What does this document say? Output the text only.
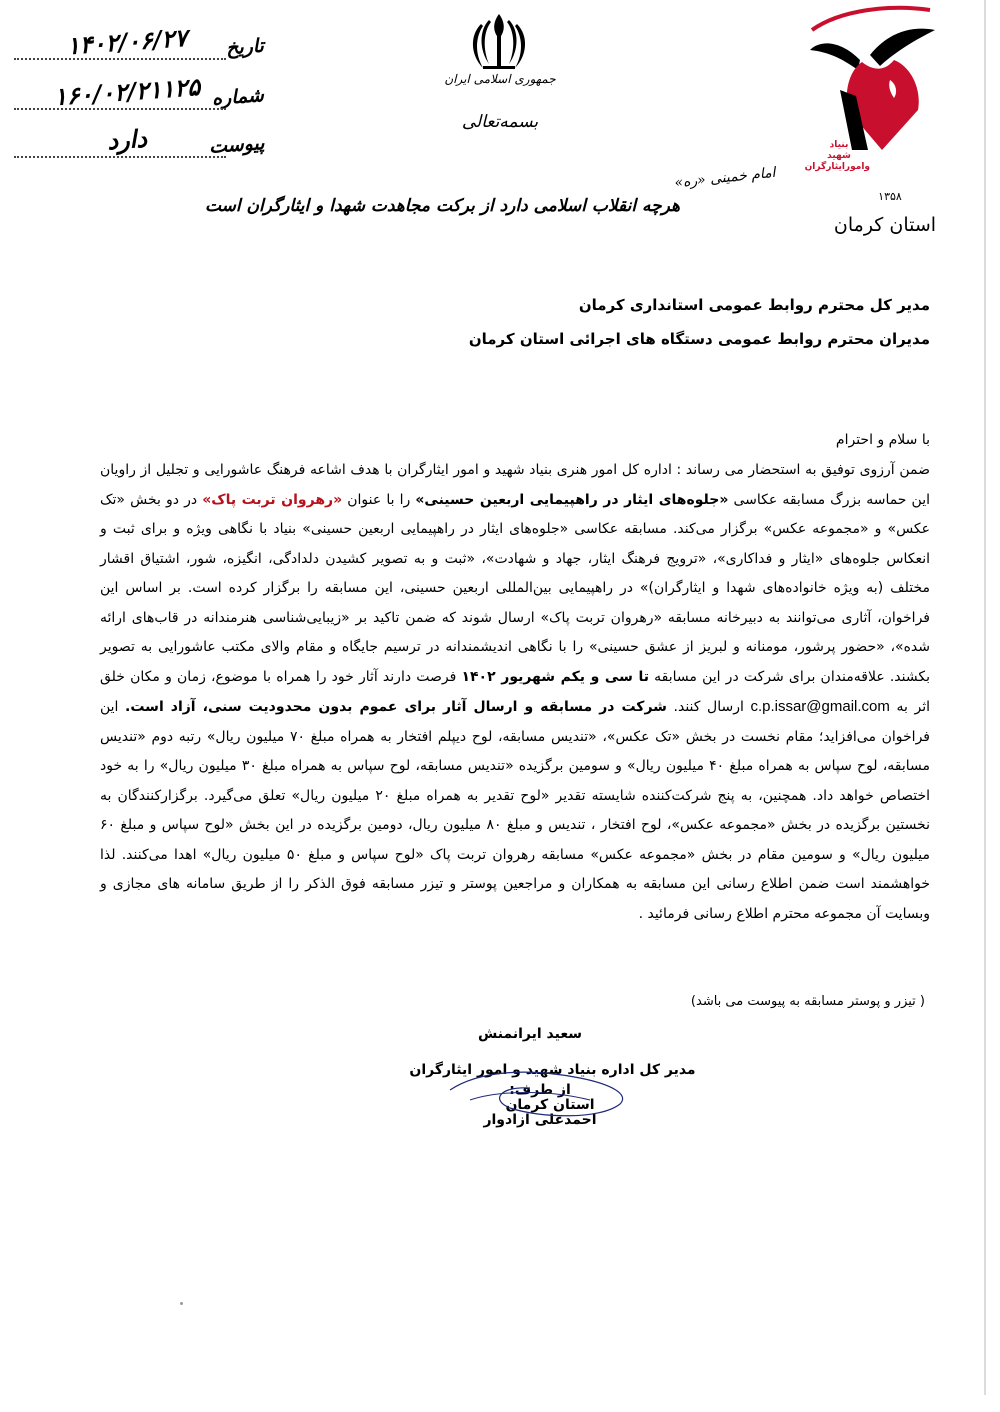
تاریخ
۱۴۰۲/۰۶/۲۷
شماره
۱۶۰/۰۲/۲۱۱۲۵
پیوست
دارد
جمهوری اسلامی ایران
بسمه‌تعالی
امام خمینی «ره»
هرچه انقلاب اسلامی دارد از برکت مجاهدت شهدا و ایثارگران است
بنیاد
شهید
وامورایثارگران
۱۳۵۸
استان کرمان
مدیر کل محترم روابط عمومی استانداری کرمان
مدیران محترم روابط عمومی دستگاه های اجرائی استان کرمان
با سلام و احترام
ضمن آرزوی توفیق به استحضار می رساند : اداره کل امور هنری بنیاد شهید و امور ایثارگران با هدف اشاعه فرهنگ عاشورایی و تجلیل از راویان این حماسه بزرگ مسابقه عکاسی «جلوه‌های ایثار در راهپیمایی اربعین حسینی» را با عنوان «رهروان تربت پاک» در دو بخش «تک عکس» و «مجموعه عکس» برگزار می‌کند. مسابقه عکاسی «جلوه‌های ایثار در راهپیمایی اربعین حسینی» بنیاد با نگاهی ویژه و برای ثبت و انعکاس جلوه‌های «ایثار و فداکاری»، «ترویج فرهنگ ایثار، جهاد و شهادت»، «ثبت و به تصویر کشیدن دلدادگی، انگیزه، شور، اشتیاق اقشار مختلف (به ویژه خانواده‌های شهدا و ایثارگران)» در راهپیمایی بین‌المللی اربعین حسینی، این مسابقه را برگزار کرده است. بر اساس این فراخوان، آثاری می‌توانند به دبیرخانه مسابقه «رهروان تربت پاک» ارسال شوند که ضمن تاکید بر «زیبایی‌شناسی هنرمندانه در قاب‌های ارائه شده»، «حضور پرشور، مومنانه و لبریز از عشق حسینی» را با نگاهی اندیشمندانه در ترسیم جایگاه و مقام والای مکتب عاشورایی به تصویر بکشند. علاقه‌مندان برای شرکت در این مسابقه تا سی و یکم شهریور ۱۴۰۲ فرصت دارند آثار خود را همراه با موضوع، زمان و مکان خلق اثر به c.p.issar@gmail.com ارسال کنند. شرکت در مسابقه و ارسال آثار برای عموم بدون محدودیت سنی، آزاد است. این فراخوان می‌افزاید؛ مقام نخست در بخش «تک عکس»، «تندیس مسابقه، لوح دیپلم افتخار به همراه مبلغ ۷۰ میلیون ریال» رتبه دوم «تندیس مسابقه، لوح سپاس به همراه مبلغ ۴۰ میلیون ریال» و سومین برگزیده «تندیس مسابقه، لوح سپاس به همراه مبلغ ۳۰ میلیون ریال» را به خود اختصاص خواهد داد. همچنین، به پنج شرکت‌کننده شایسته تقدیر «لوح تقدیر به همراه مبلغ ۲۰ میلیون ریال» تعلق می‌گیرد. برگزارکنندگان به نخستین برگزیده در بخش «مجموعه عکس»، لوح افتخار ، تندیس و مبلغ ۸۰ میلیون ریال، دومین برگزیده در این بخش «لوح سپاس و مبلغ ۶۰ میلیون ریال» و سومین مقام در بخش «مجموعه عکس» مسابقه رهروان تربت پاک «لوح سپاس و مبلغ ۵۰ میلیون ریال» اهدا می‌کنند. لذا خواهشمند است ضمن اطلاع رسانی این مسابقه به همکاران و مراجعین پوستر و تیزر مسابقه فوق الذکر را از طریق سامانه های مجازی و وبسایت آن مجموعه محترم اطلاع رسانی فرمائید .
( تیزر و پوستر مسابقه به پیوست می باشد)
سعید ایرانمنش
مدیر کل اداره بنیاد شهید و امور ایثارگران
از طرف:
استان کرمان
احمدعلی ازادوار
